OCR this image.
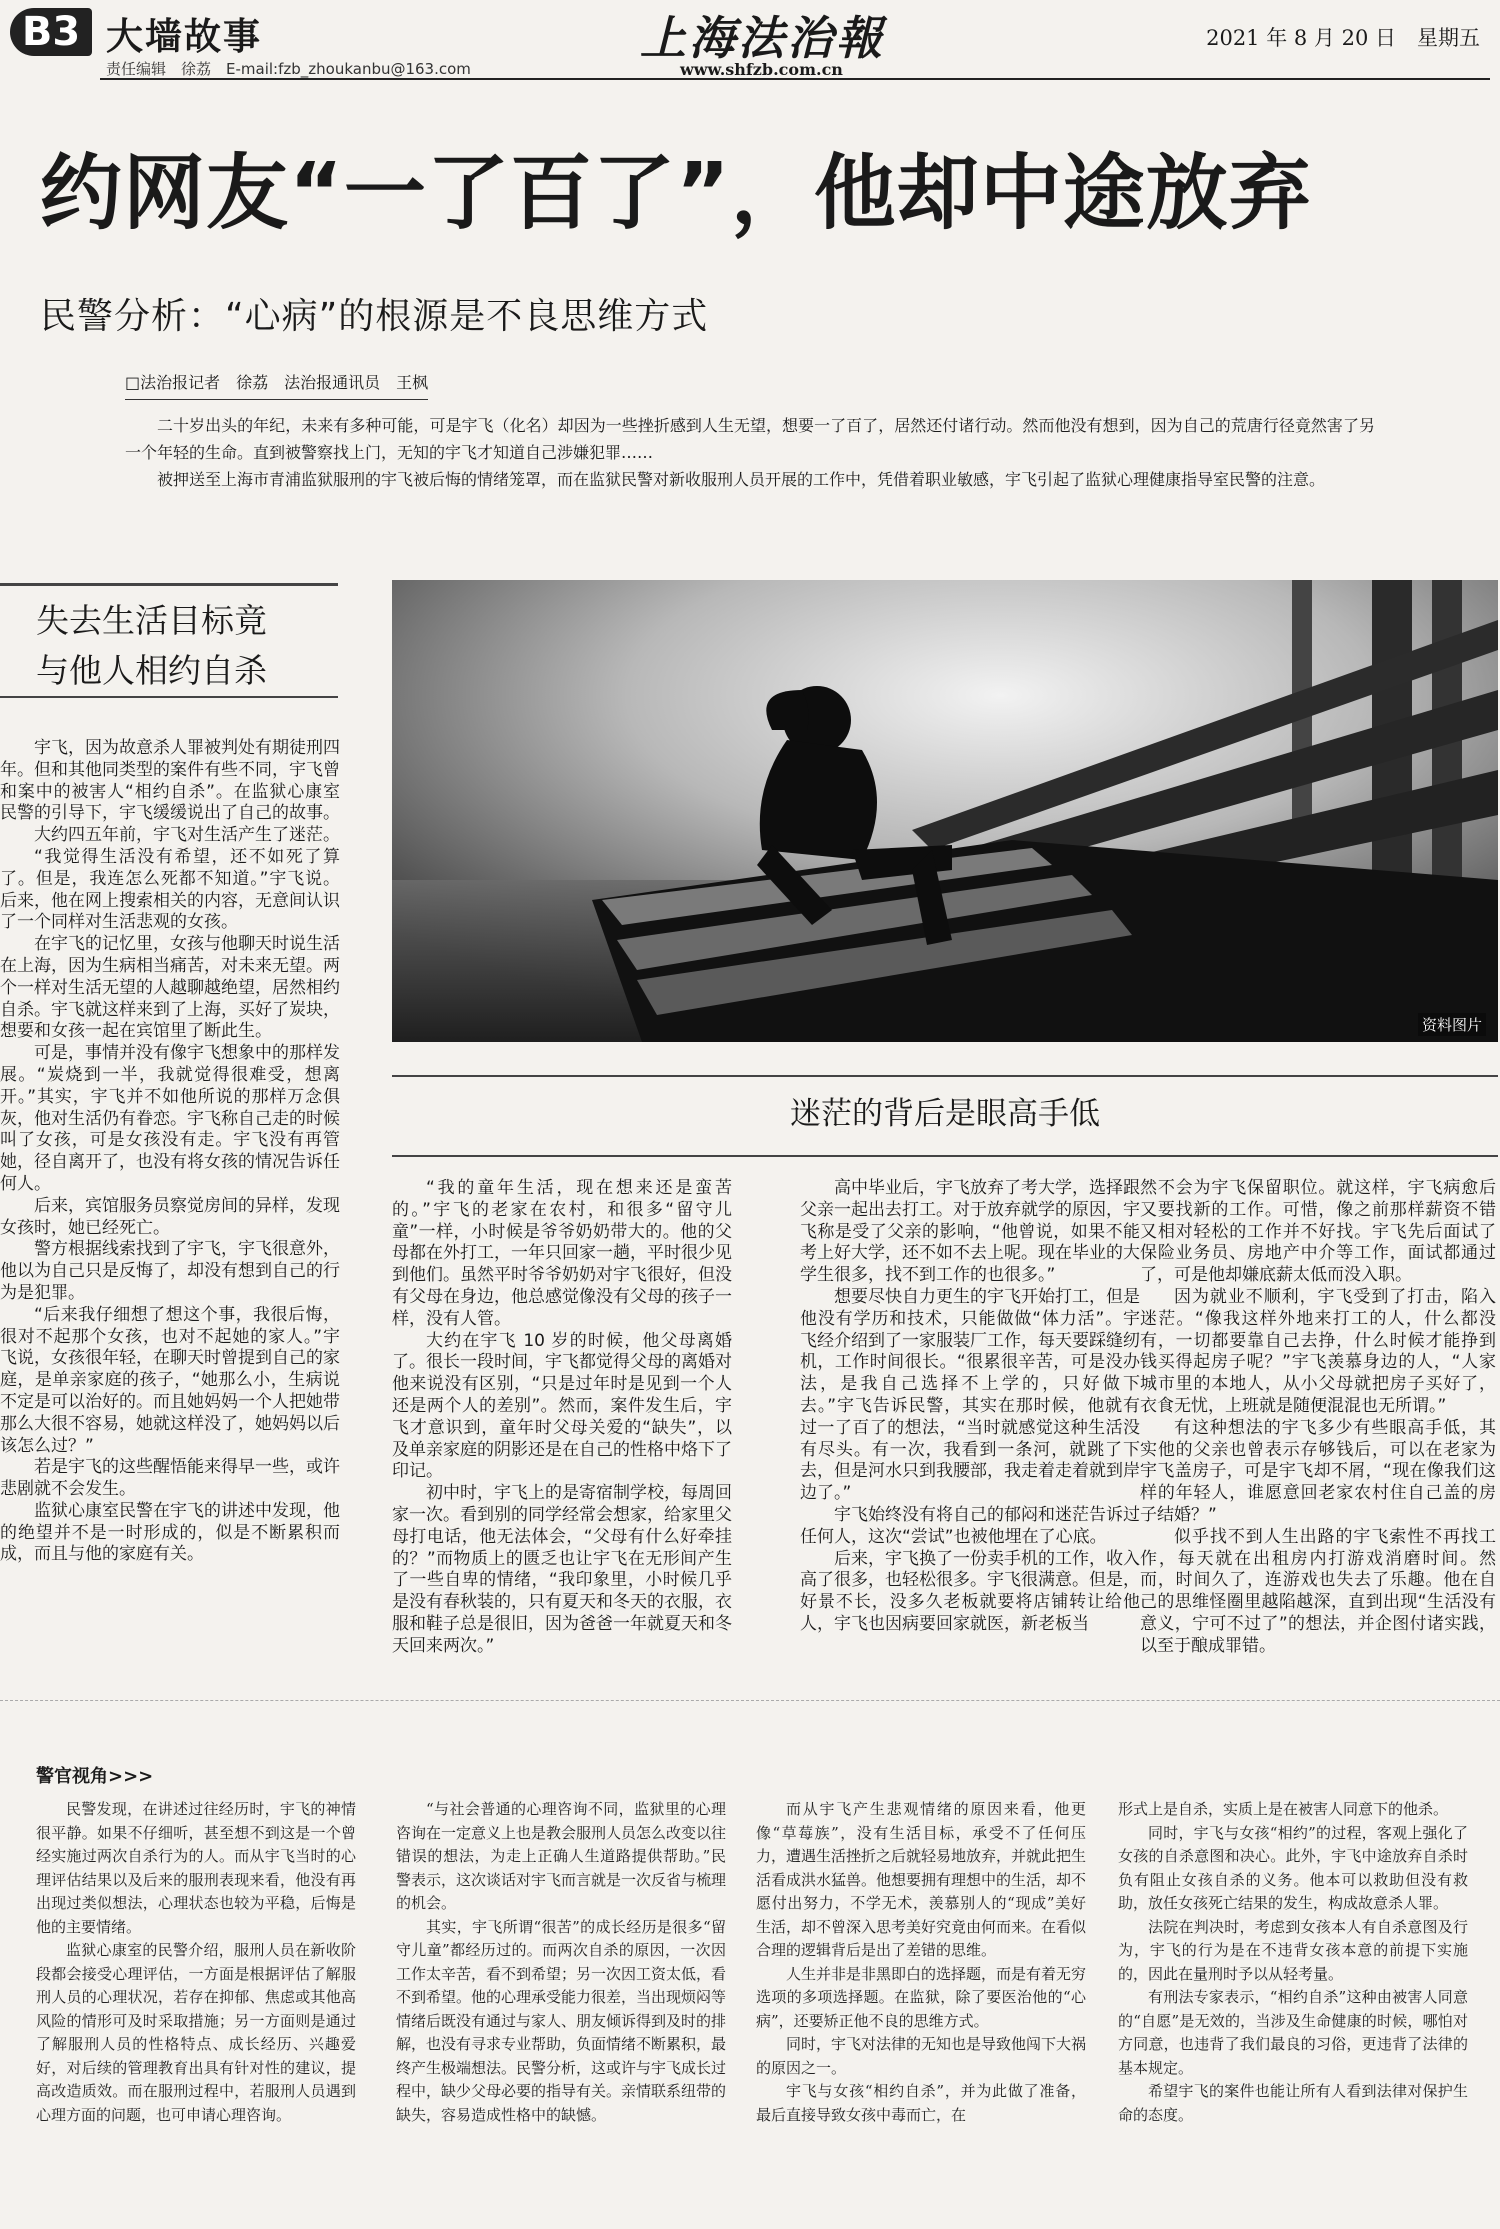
B3 大墙故事
责任编辑　徐荔　E-mail:fzb_zhoukanbu@163.com
上海法治報
www.shfzb.com.cn
2021 年 8 月 20 日　星期五
约网友“一了百了”，他却中途放弃
民警分析：“心病”的根源是不良思维方式
□法治报记者　徐荔　法治报通讯员　王枫

二十岁出头的年纪，未来有多种可能，可是宇飞（化名）却因为一些挫折感到人生无望，想要一了百了，居然还付诸行动。然而他没有想到，因为自己的荒唐行径竟然害了另一个年轻的生命。直到被警察找上门，无知的宇飞才知道自己涉嫌犯罪……

被押送至上海市青浦监狱服刑的宇飞被后悔的情绪笼罩，而在监狱民警对新收服刑人员开展的工作中，凭借着职业敏感，宇飞引起了监狱心理健康指导室民警的注意。

失去生活目标竟
与他人相约自杀
资料图片
迷茫的背后是眼高手低

宇飞，因为故意杀人罪被判处有期徒刑四年。但和其他同类型的案件有些不同，宇飞曾和案中的被害人“相约自杀”。在监狱心康室民警的引导下，宇飞缓缓说出了自己的故事。

大约四五年前，宇飞对生活产生了迷茫。

“我觉得生活没有希望，还不如死了算了。但是，我连怎么死都不知道。”宇飞说。后来，他在网上搜索相关的内容，无意间认识了一个同样对生活悲观的女孩。

在宇飞的记忆里，女孩与他聊天时说生活在上海，因为生病相当痛苦，对未来无望。两个一样对生活无望的人越聊越绝望，居然相约自杀。宇飞就这样来到了上海，买好了炭块，想要和女孩一起在宾馆里了断此生。

可是，事情并没有像宇飞想象中的那样发展。“炭烧到一半，我就觉得很难受，想离开。”其实，宇飞并不如他所说的那样万念俱灰，他对生活仍有眷恋。宇飞称自己走的时候叫了女孩，可是女孩没有走。宇飞没有再管她，径自离开了，也没有将女孩的情况告诉任何人。

后来，宾馆服务员察觉房间的异样，发现女孩时，她已经死亡。

警方根据线索找到了宇飞，宇飞很意外，他以为自己只是反悔了，却没有想到自己的行为是犯罪。

“后来我仔细想了想这个事，我很后悔，很对不起那个女孩，也对不起她的家人。”宇飞说，女孩很年轻，在聊天时曾提到自己的家庭，是单亲家庭的孩子，“她那么小，生病说不定是可以治好的。而且她妈妈一个人把她带那么大很不容易，她就这样没了，她妈妈以后该怎么过？”

若是宇飞的这些醒悟能来得早一些，或许悲剧就不会发生。

监狱心康室民警在宇飞的讲述中发现，他的绝望并不是一时形成的，似是不断累积而成，而且与他的家庭有关。

“我的童年生活，现在想来还是蛮苦的。”宇飞的老家在农村，和很多“留守儿童”一样，小时候是爷爷奶奶带大的。他的父母都在外打工，一年只回家一趟，平时很少见到他们。虽然平时爷爷奶奶对宇飞很好，但没有父母在身边，他总感觉像没有父母的孩子一样，没有人管。

大约在宇飞 10 岁的时候，他父母离婚了。很长一段时间，宇飞都觉得父母的离婚对他来说没有区别，“只是过年时是见到一个人还是两个人的差别”。然而，案件发生后，宇飞才意识到，童年时父母关爱的“缺失”，以及单亲家庭的阴影还是在自己的性格中烙下了印记。

初中时，宇飞上的是寄宿制学校，每周回家一次。看到别的同学经常会想家，给家里父母打电话，他无法体会，“父母有什么好牵挂的？”而物质上的匮乏也让宇飞在无形间产生了一些自卑的情绪，“我印象里，小时候几乎是没有春秋装的，只有夏天和冬天的衣服，衣服和鞋子总是很旧，因为爸爸一年就夏天和冬天回来两次。”

高中毕业后，宇飞放弃了考大学，选择跟父亲一起出去打工。对于放弃就学的原因，宇飞称是受了父亲的影响，“他曾说，如果不能考上好大学，还不如不去上呢。现在毕业的大学生很多，找不到工作的也很多。”

想要尽快自力更生的宇飞开始打工，但是他没有学历和技术，只能做做“体力活”。宇飞经介绍到了一家服装厂工作，每天要踩缝纫机，工作时间很长。“很累很辛苦，可是没办法，是我自己选择不上学的，只好做下去。”宇飞告诉民警，其实在那时候，他就有过一了百了的想法，“当时就感觉这种生活没有尽头。有一次，我看到一条河，就跳了下去，但是河水只到我腰部，我走着走着就到岸边了。”

宇飞始终没有将自己的郁闷和迷茫告诉过任何人，这次“尝试”也被他埋在了心底。

后来，宇飞换了一份卖手机的工作，收入高了很多，也轻松很多。宇飞很满意。但是，好景不长，没多久老板就要将店铺转让给他人，宇飞也因病要回家就医，新老板当

然不会为宇飞保留职位。就这样，宇飞病愈后又要找新的工作。可惜，像之前那样薪资不错又相对轻松的工作并不好找。宇飞先后面试了保险业务员、房地产中介等工作，面试都通过了，可是他却嫌底薪太低而没入职。

因为就业不顺利，宇飞受到了打击，陷入迷茫。“像我这样外地来打工的人，什么都没有，一切都要靠自己去挣，什么时候才能挣到钱买得起房子呢？”宇飞羡慕身边的人，“人家城市里的本地人，从小父母就把房子买好了，衣食无忧，上班就是随便混混也无所谓。”

有这种想法的宇飞多少有些眼高手低，其实他的父亲也曾表示存够钱后，可以在老家为宇飞盖房子，可是宇飞却不屑，“现在像我们这样的年轻人，谁愿意回老家农村住自己盖的房子结婚？”

似乎找不到人生出路的宇飞索性不再找工作，每天就在出租房内打游戏消磨时间。然而，时间久了，连游戏也失去了乐趣。他在自己的思维怪圈里越陷越深，直到出现“生活没有意义，宁可不过了”的想法，并企图付诸实践，以至于酿成罪错。

警官视角>>>

民警发现，在讲述过往经历时，宇飞的神情很平静。如果不仔细听，甚至想不到这是一个曾经实施过两次自杀行为的人。而从宇飞当时的心理评估结果以及后来的服刑表现来看，他没有再出现过类似想法，心理状态也较为平稳，后悔是他的主要情绪。

监狱心康室的民警介绍，服刑人员在新收阶段都会接受心理评估，一方面是根据评估了解服刑人员的心理状况，若存在抑郁、焦虑或其他高风险的情形可及时采取措施；另一方面则是通过了解服刑人员的性格特点、成长经历、兴趣爱好，对后续的管理教育出具有针对性的建议，提高改造质效。而在服刑过程中，若服刑人员遇到心理方面的问题，也可申请心理咨询。

“与社会普通的心理咨询不同，监狱里的心理咨询在一定意义上也是教会服刑人员怎么改变以往错误的想法，为走上正确人生道路提供帮助。”民警表示，这次谈话对宇飞而言就是一次反省与梳理的机会。

其实，宇飞所谓“很苦”的成长经历是很多“留守儿童”都经历过的。而两次自杀的原因，一次因工作太辛苦，看不到希望；另一次因工资太低，看不到希望。他的心理承受能力很差，当出现烦闷等情绪后既没有通过与家人、朋友倾诉得到及时的排解，也没有寻求专业帮助，负面情绪不断累积，最终产生极端想法。民警分析，这或许与宇飞成长过程中，缺少父母必要的指导有关。亲情联系纽带的缺失，容易造成性格中的缺憾。

而从宇飞产生悲观情绪的原因来看，他更像“草莓族”，没有生活目标，承受不了任何压力，遭遇生活挫折之后就轻易地放弃，并就此把生活看成洪水猛兽。他想要拥有理想中的生活，却不愿付出努力，不学无术，羡慕别人的“现成”美好生活，却不曾深入思考美好究竟由何而来。在看似合理的逻辑背后是出了差错的思维。

人生并非是非黑即白的选择题，而是有着无穷选项的多项选择题。在监狱，除了要医治他的“心病”，还要矫正他不良的思维方式。

同时，宇飞对法律的无知也是导致他闯下大祸的原因之一。

宇飞与女孩“相约自杀”，并为此做了准备，最后直接导致女孩中毒而亡，在

形式上是自杀，实质上是在被害人同意下的他杀。

同时，宇飞与女孩“相约”的过程，客观上强化了女孩的自杀意图和决心。此外，宇飞中途放弃自杀时负有阻止女孩自杀的义务。他本可以救助但没有救助，放任女孩死亡结果的发生，构成故意杀人罪。

法院在判决时，考虑到女孩本人有自杀意图及行为，宇飞的行为是在不违背女孩本意的前提下实施的，因此在量刑时予以从轻考量。

有刑法专家表示，“相约自杀”这种由被害人同意的“自愿”是无效的，当涉及生命健康的时候，哪怕对方同意，也违背了我们最良的习俗，更违背了法律的基本规定。

希望宇飞的案件也能让所有人看到法律对保护生命的态度。
